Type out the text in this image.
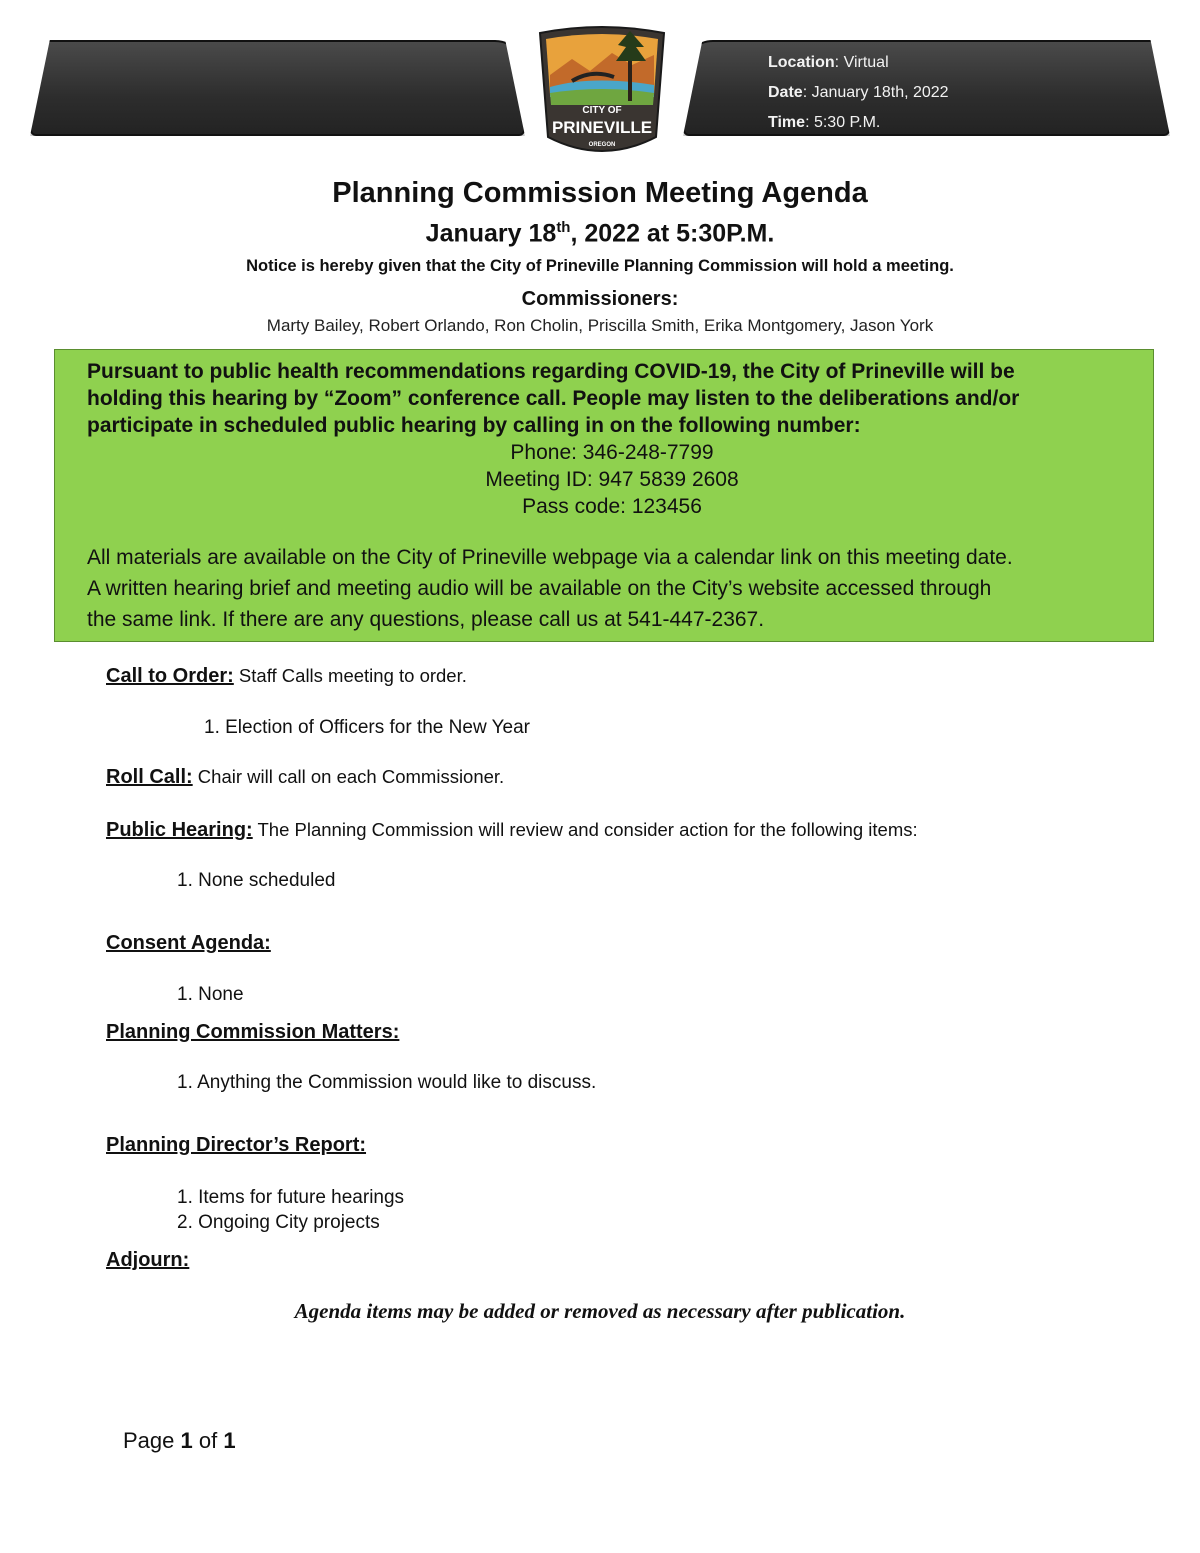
Location: Virtual
Date: January 18th, 2022
Time: 5:30 P.M.
CITY OF
PRINEVILLE
OREGON
Planning Commission Meeting Agenda
January 18th, 2022 at 5:30P.M.
Notice is hereby given that the City of Prineville Planning Commission will hold a meeting.
Commissioners:
Marty Bailey, Robert Orlando, Ron Cholin, Priscilla Smith, Erika Montgomery, Jason York
Pursuant to public health recommendations regarding COVID-19, the City of Prineville will be
holding this hearing by “Zoom” conference call. People may listen to the deliberations and/or
participate in scheduled public hearing by calling in on the following number:
Phone: 346-248-7799
Meeting ID: 947 5839 2608
Pass code: 123456
All materials are available on the City of Prineville webpage via a calendar link on this meeting date.
A written hearing brief and meeting audio will be available on the City’s website accessed through
the same link. If there are any questions, please call us at 541-447-2367.
Call to Order: Staff Calls meeting to order.
1. Election of Officers for the New Year
Roll Call: Chair will call on each Commissioner.
Public Hearing: The Planning Commission will review and consider action for the following items:
1. None scheduled
Consent Agenda:
1. None
Planning Commission Matters:
1. Anything the Commission would like to discuss.
Planning Director’s Report:
1. Items for future hearings
2. Ongoing City projects
Adjourn:
Agenda items may be added or removed as necessary after publication.
Page 1 of 1
